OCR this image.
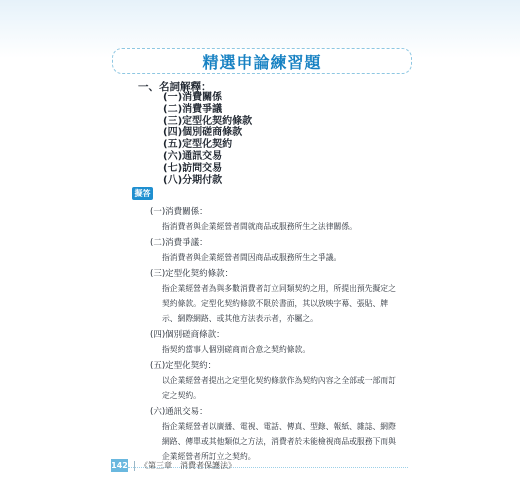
精選申論練習題
一、名詞解釋：
(一)消費關係
(二)消費爭議
(三)定型化契約條款
(四)個別磋商條款
(五)定型化契約
(六)通訊交易
(七)訪問交易
(八)分期付款
擬答
(一)消費關係：
指消費者與企業經營者間就商品或服務所生之法律關係。
(二)消費爭議：
指消費者與企業經營者間因商品或服務所生之爭議。
(三)定型化契約條款：
指企業經營者為與多數消費者訂立同類契約之用，所提出預先擬定之契約條款。定型化契約條款不限於書面，其以放映字幕、張貼、牌示、網際網路、或其他方法表示者，亦屬之。
(四)個別磋商條款：
指契約當事人個別磋商而合意之契約條款。
(五)定型化契約：
以企業經營者提出之定型化契約條款作為契約內容之全部或一部而訂定之契約。
(六)通訊交易：
指企業經營者以廣播、電視、電話、傳真、型錄、報紙、雜誌、網際網路、傳單或其他類似之方法，消費者於未能檢視商品或服務下而與企業經營者所訂立之契約。
142 《第三章　消費者保護法》
